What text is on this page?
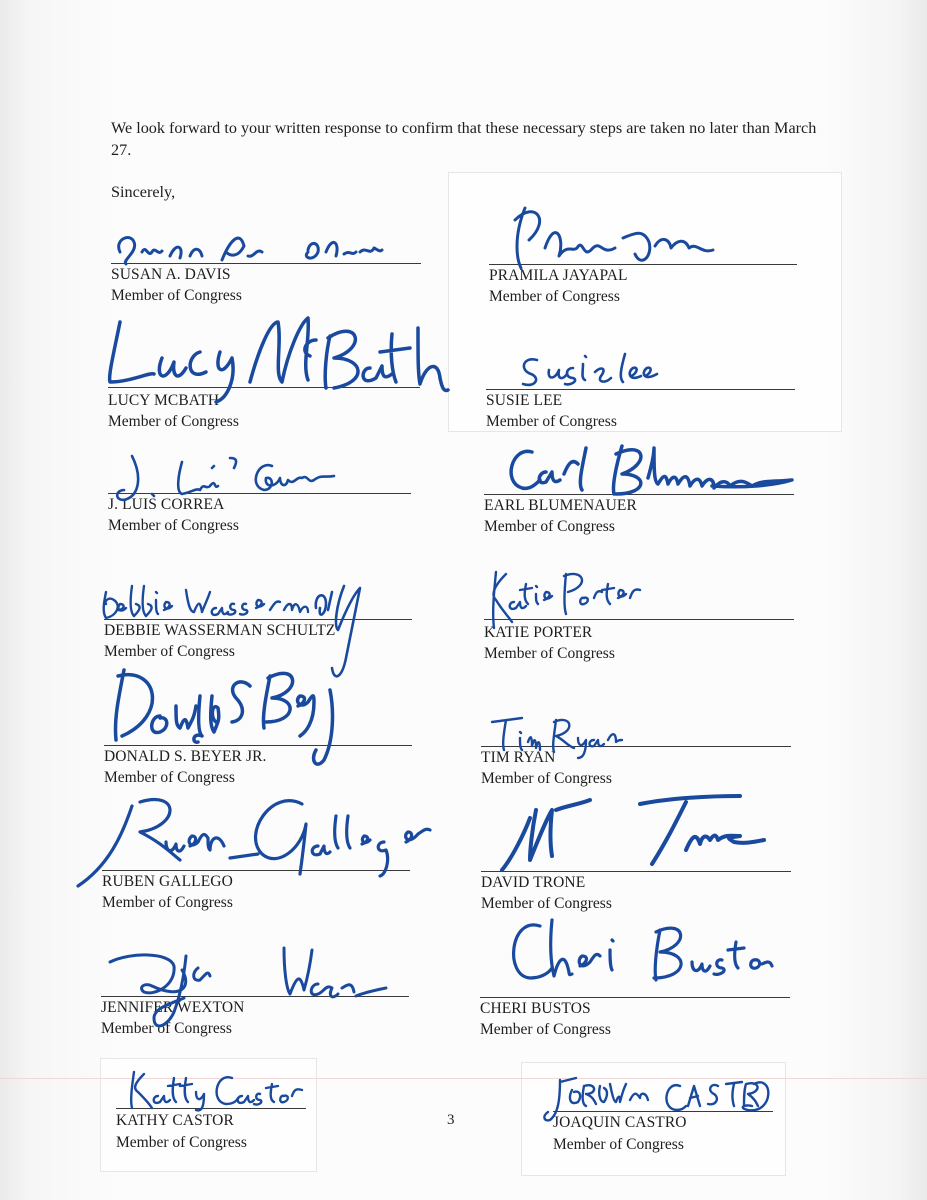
We look forward to your written response to confirm that these necessary steps are taken no later than March 27.

Sincerely,
SUSAN A. DAVIS
Member of Congress
PRAMILA JAYAPAL
Member of Congress
LUCY MCBATH
Member of Congress
SUSIE LEE
Member of Congress
J. LUIS CORREA
Member of Congress
EARL BLUMENAUER
Member of Congress
DEBBIE WASSERMAN SCHULTZ
Member of Congress
KATIE PORTER
Member of Congress
DONALD S. BEYER JR.
Member of Congress
TIM RYAN
Member of Congress
RUBEN GALLEGO
Member of Congress
DAVID TRONE
Member of Congress
JENNIFER WEXTON
Member of Congress
CHERI BUSTOS
Member of Congress
KATHY CASTOR
Member of Congress
JOAQUIN CASTRO
Member of Congress
3
